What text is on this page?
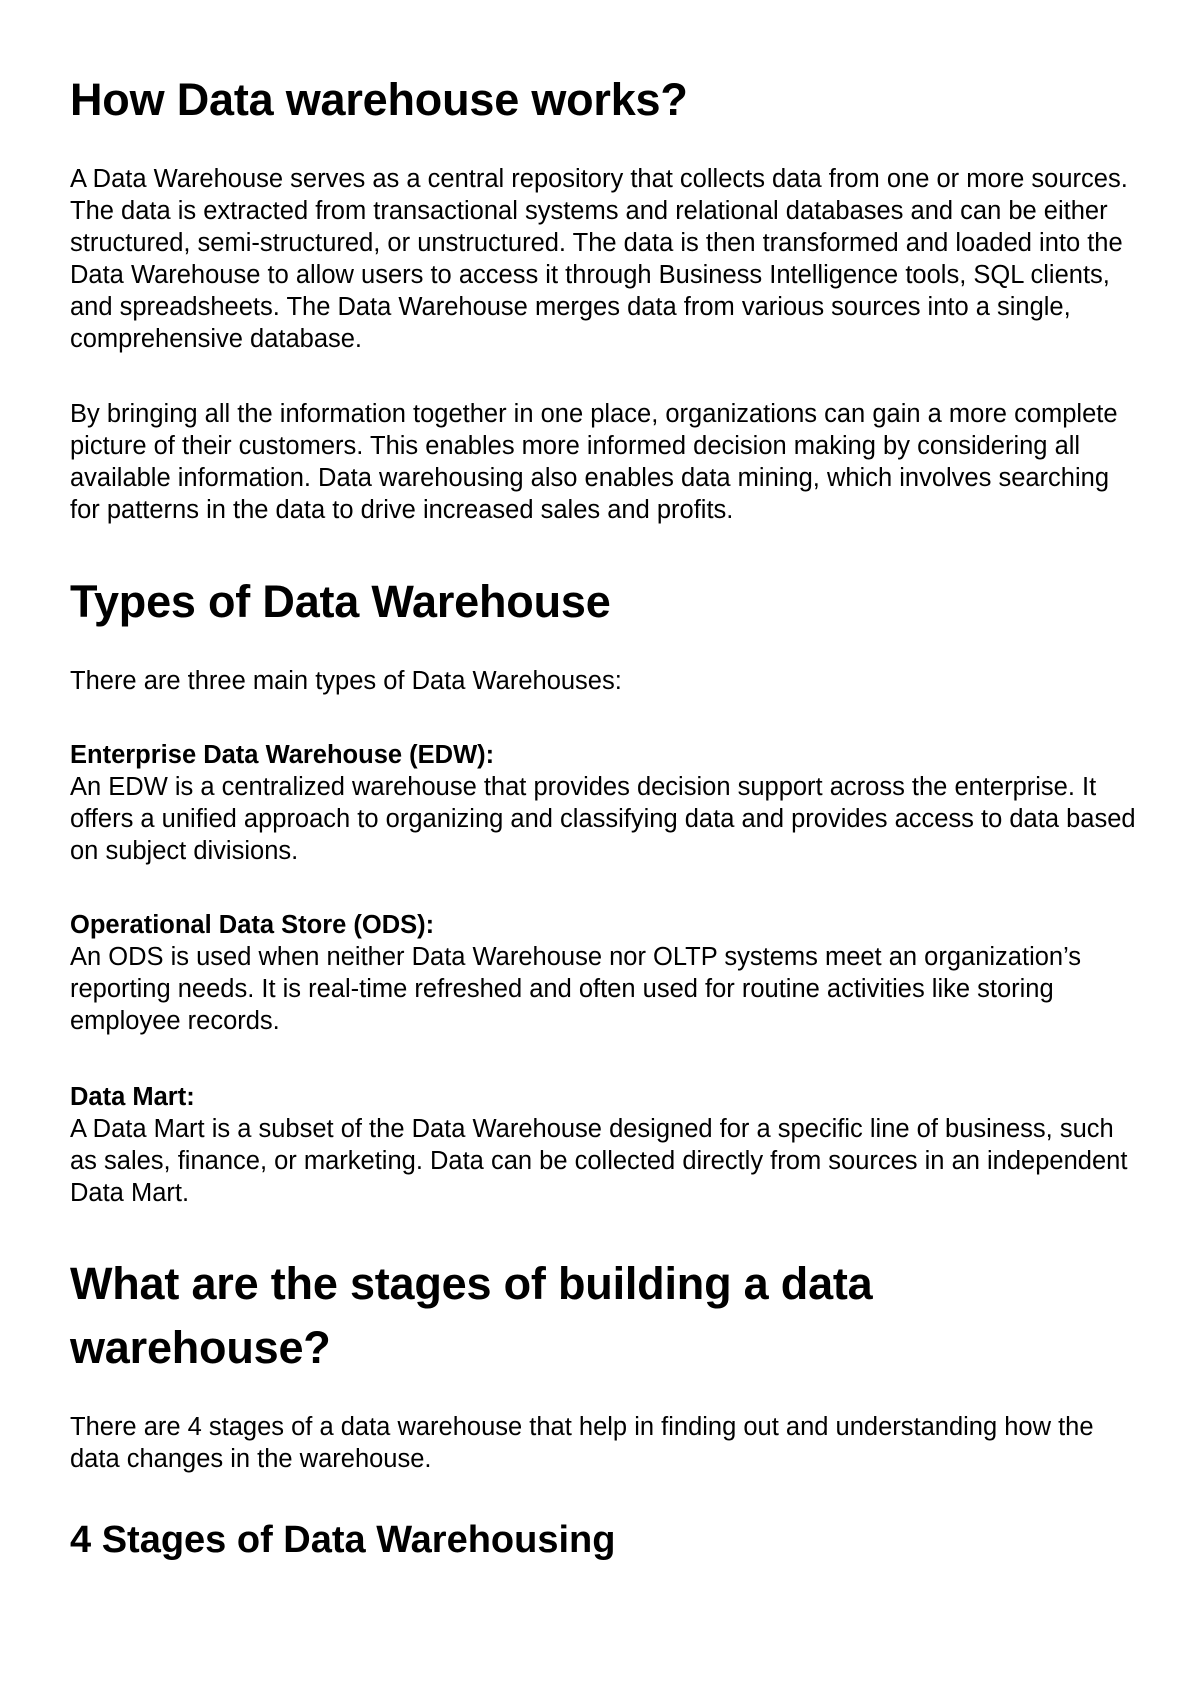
How Data warehouse works?

A Data Warehouse serves as a central repository that collects data from one or more sources. The data is extracted from transactional systems and relational databases and can be either structured, semi-structured, or unstructured. The data is then transformed and loaded into the Data Warehouse to allow users to access it through Business Intelligence tools, SQL clients, and spreadsheets. The Data Warehouse merges data from various sources into a single, comprehensive database.

By bringing all the information together in one place, organizations can gain a more complete picture of their customers. This enables more informed decision making by considering all available information. Data warehousing also enables data mining, which involves searching for patterns in the data to drive increased sales and profits.

Types of Data Warehouse

There are three main types of Data Warehouses:

Enterprise Data Warehouse (EDW):

An EDW is a centralized warehouse that provides decision support across the enterprise. It offers a unified approach to organizing and classifying data and provides access to data based on subject divisions.

Operational Data Store (ODS):

An ODS is used when neither Data Warehouse nor OLTP systems meet an organization’s reporting needs. It is real-time refreshed and often used for routine activities like storing employee records.

Data Mart:

A Data Mart is a subset of the Data Warehouse designed for a specific line of business, such as sales, finance, or marketing. Data can be collected directly from sources in an independent Data Mart.

What are the stages of building a data warehouse?

There are 4 stages of a data warehouse that help in finding out and understanding how the data changes in the warehouse.

4 Stages of Data Warehousing
